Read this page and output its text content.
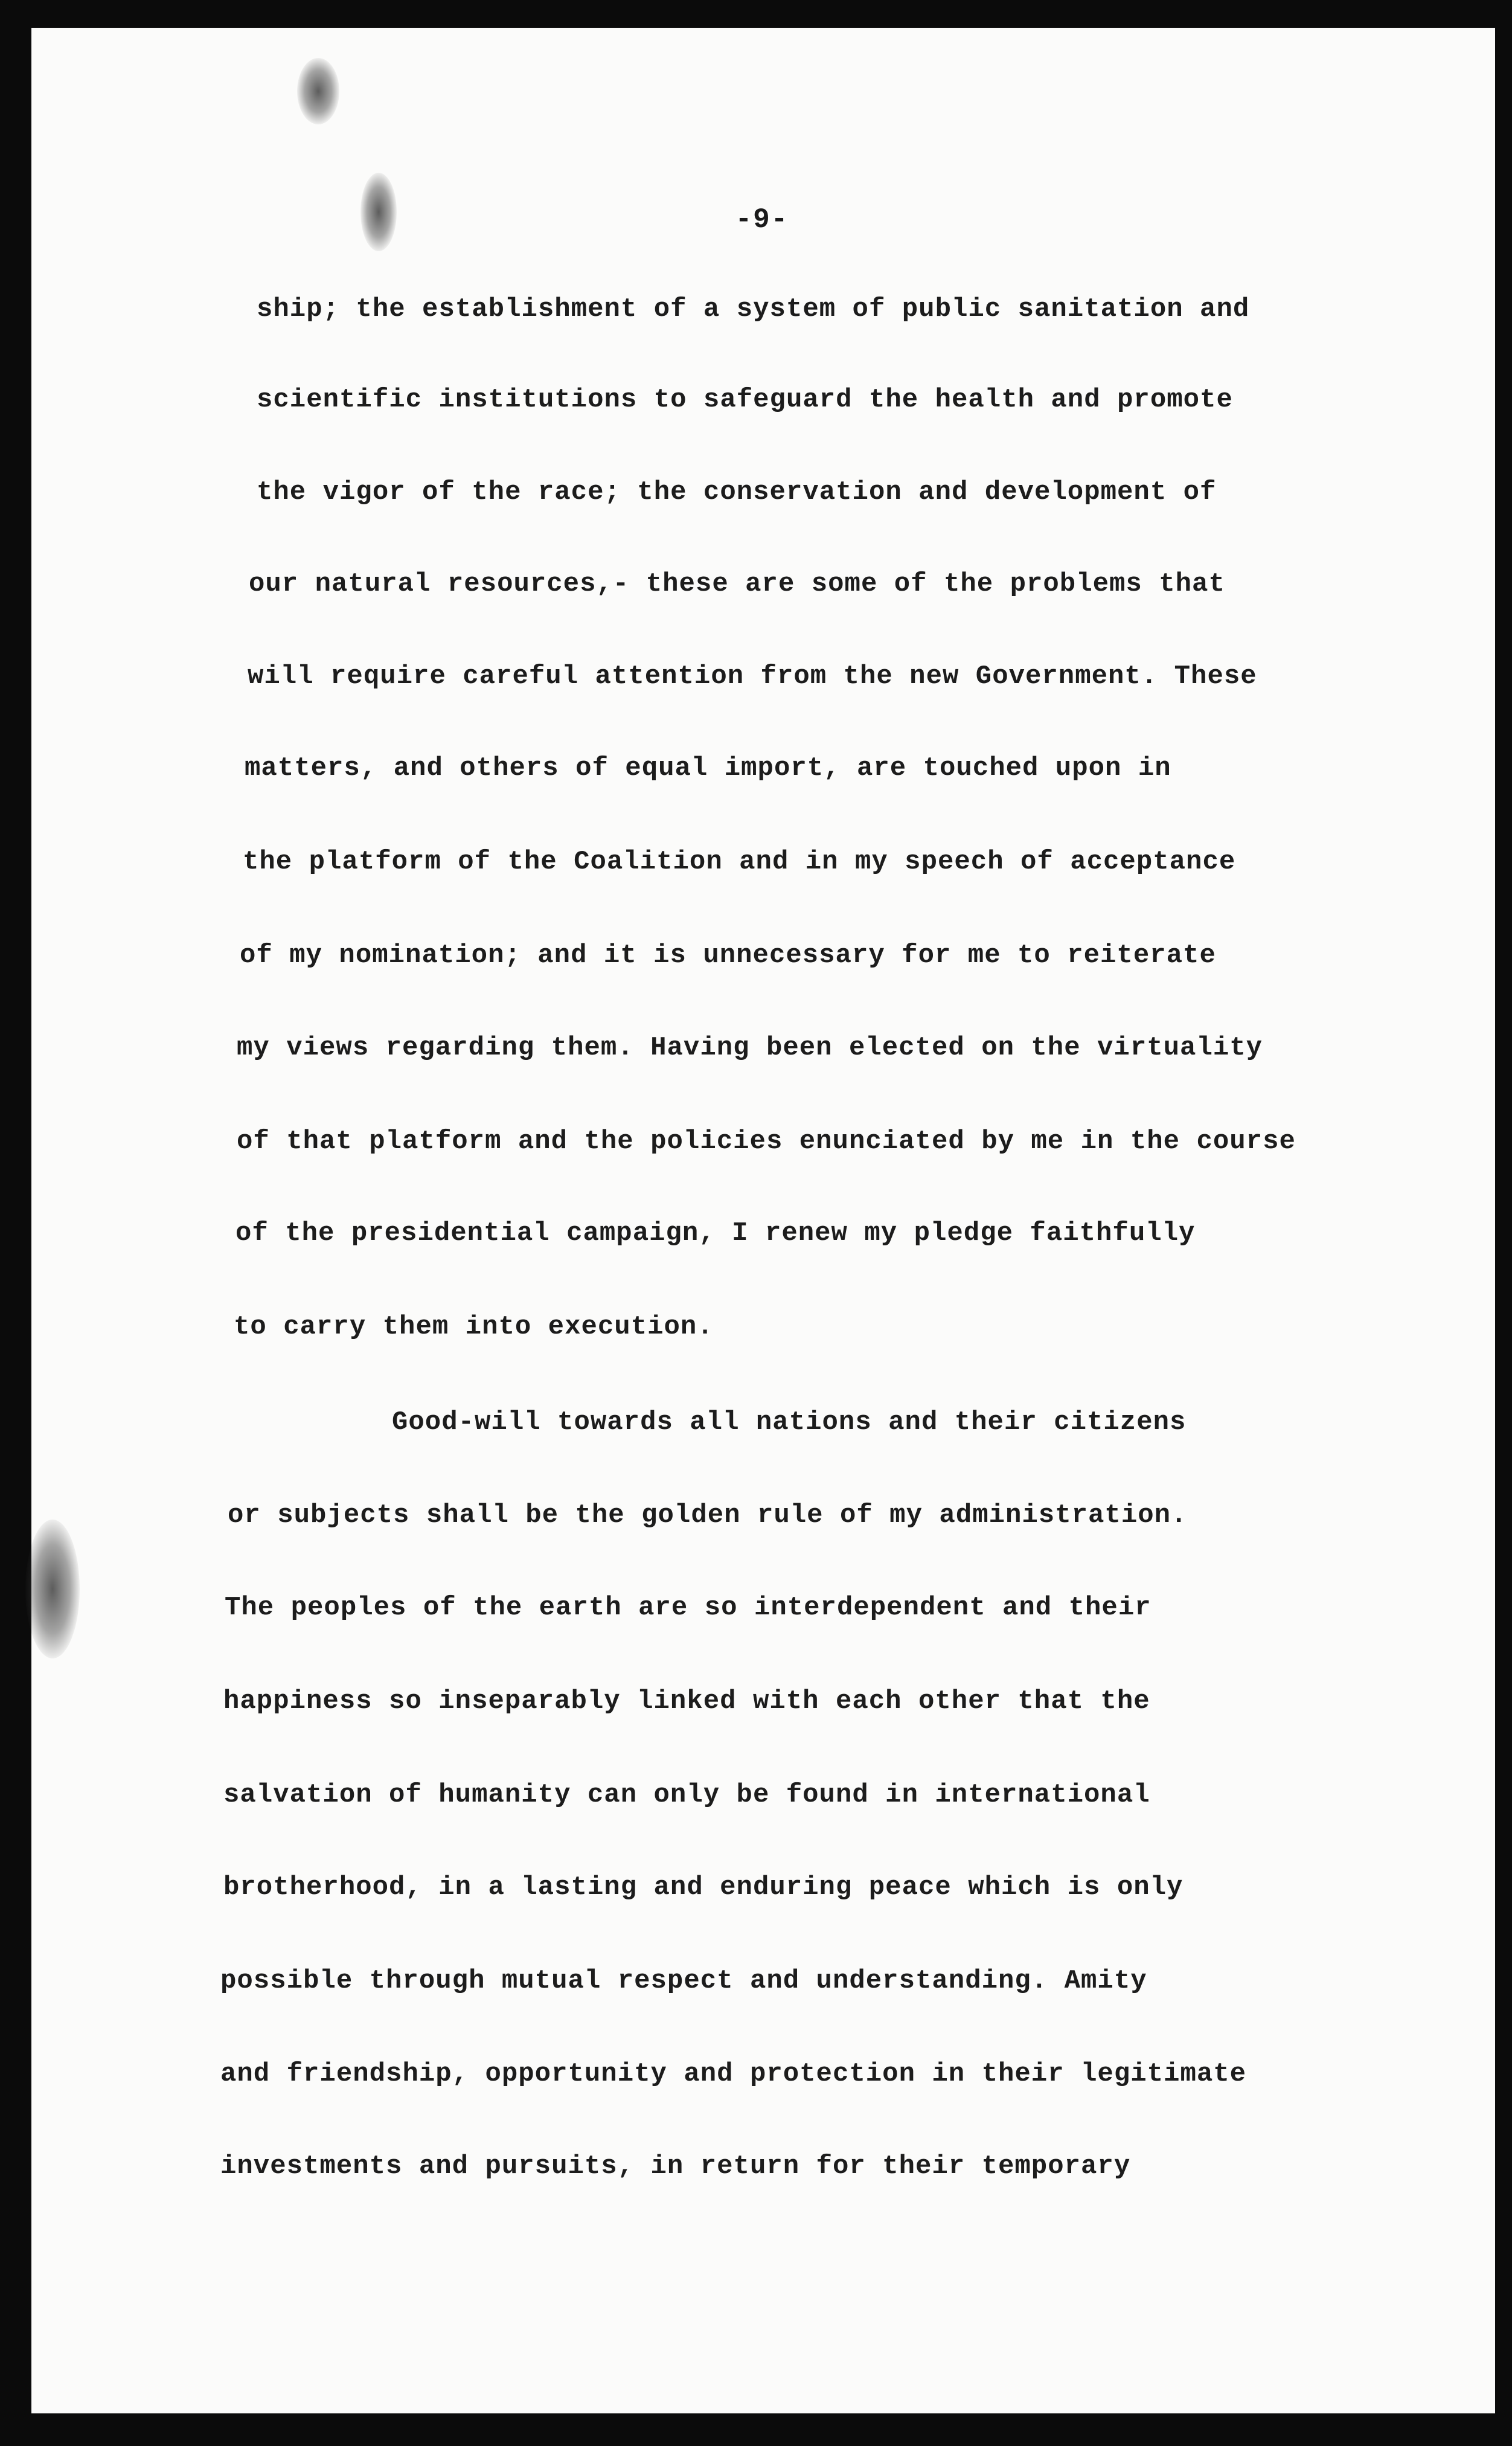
-9-
ship; the establishment of a system of public sanitation and
scientific institutions to safeguard the health and promote
the vigor of the race; the conservation and development of
our natural resources,- these are some of the problems that
will require careful attention from the new Government. These
matters, and others of equal import, are touched upon in
the platform of the Coalition and in my speech of acceptance
of my nomination; and it is unnecessary for me to reiterate
my views regarding them. Having been elected on the virtuality
of that platform and the policies enunciated by me in the course
of the presidential campaign, I renew my pledge faithfully
to carry them into execution.
Good-will towards all nations and their citizens
or subjects shall be the golden rule of my administration.
The peoples of the earth are so interdependent and their
happiness so inseparably linked with each other that the
salvation of humanity can only be found in international
brotherhood, in a lasting and enduring peace which is only
possible through mutual respect and understanding. Amity
and friendship, opportunity and protection in their legitimate
investments and pursuits, in return for their temporary
